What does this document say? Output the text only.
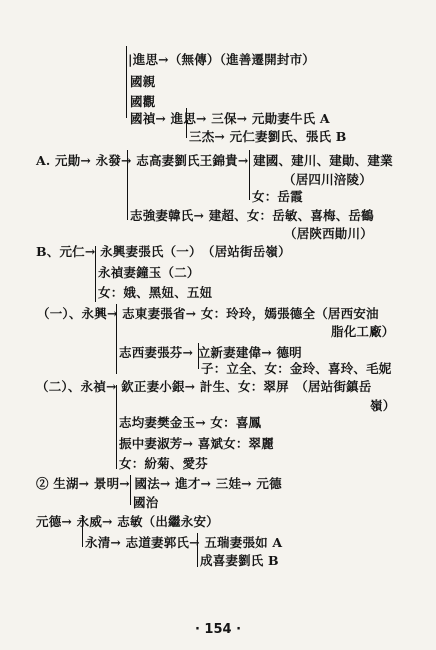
|進思→（無傳）（進善遷開封市）
國親
國觀
國禎→ 進思→ 三保→ 元勛妻牛氏 A
三杰→ 元仁妻劉氏、張氏 B
A. 元勛→ 永發→ 志高妻劉氏王錦貴→ 建國、建川、建勛、建業
（居四川涪陵）
女：岳霞
志強妻韓氏→ 建超、女：岳敏、喜梅、岳鶴
（居陝西勛川）
B、元仁→ 永興妻張氏（一）　（居站街岳嶺）
永禎妻鐘玉（二）
女：娥、黑妞、五妞
（一）、永興→ 志東妻張省→ 女：玲玲，嫣張德全（居西安油
脂化工廠）
志西妻張芬→ 立新妻建偉→ 德明
子：立全、女：金玲、喜玲、毛妮
（二）、永禎→ 欽正妻小銀→ 計生、女：翠屏　（居站街鎮岳
嶺）
志均妻樊金玉→ 女：喜鳳
振中妻淑芳→ 喜斌女：翠麗
女：紛菊、愛芬
② 生湖→ 景明→ 國法→ 進才→ 三娃→ 元德
國治
元德→ 永威→ 志敏（出繼永安）
永清→ 志道妻郭氏→ 五瑞妻張如 A
成喜妻劉氏 B
· 154 ·
